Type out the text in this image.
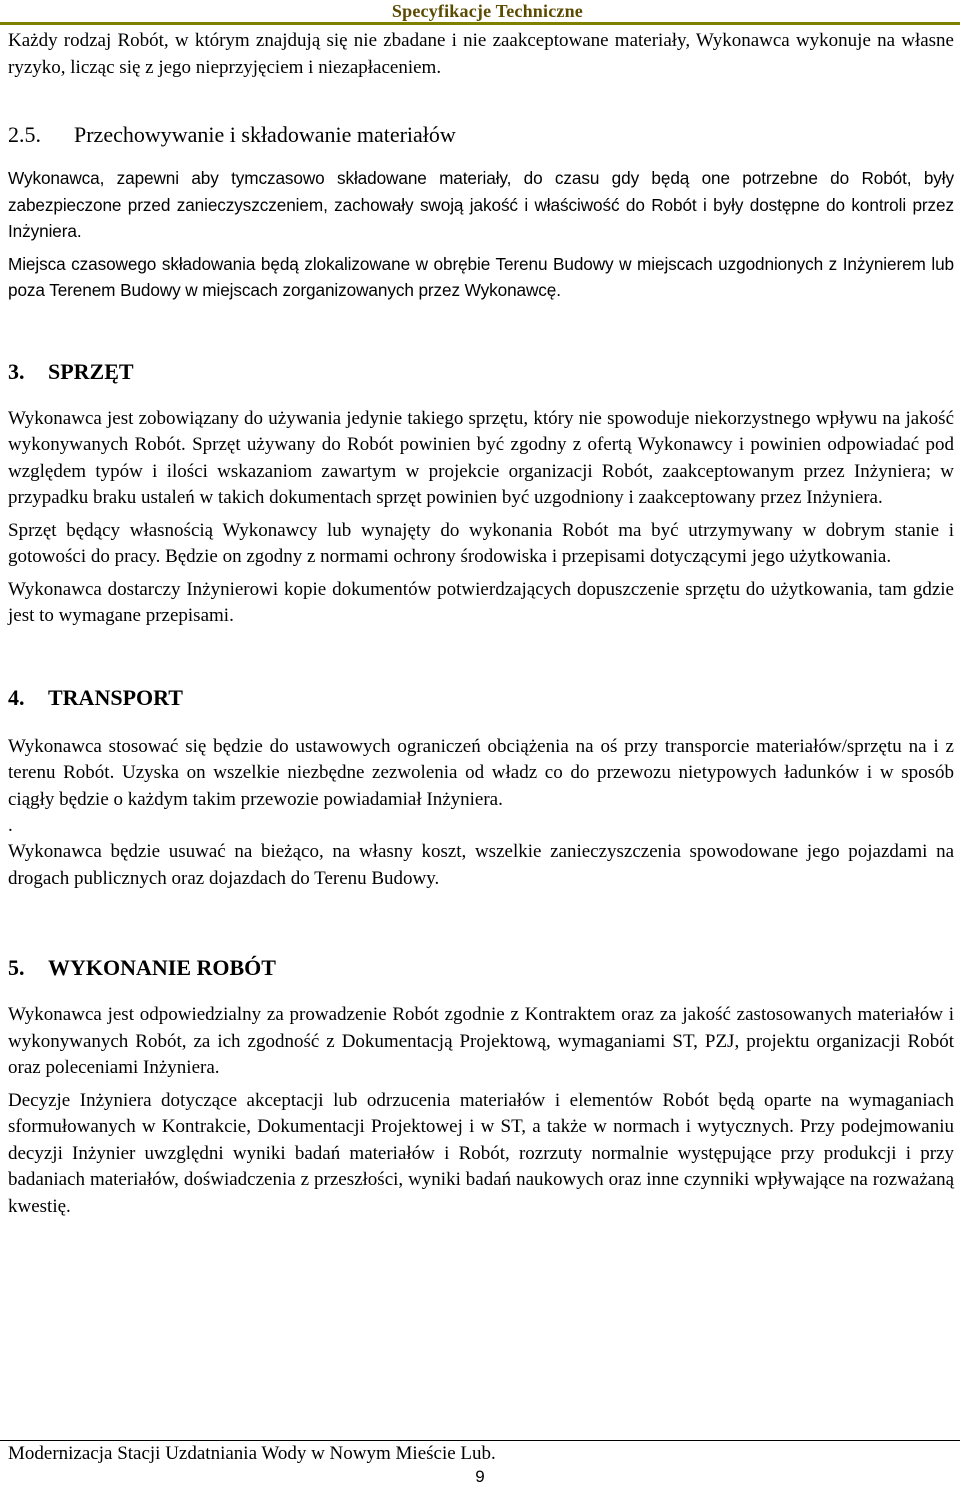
Specyfikacje Techniczne

Każdy rodzaj Robót, w którym znajdują się nie zbadane i nie zaakceptowane materiały, Wykonawca wykonuje na własne ryzyko, licząc się z jego nieprzyjęciem i niezapłaceniem.

2.5.	Przechowywanie i składowanie materiałów

Wykonawca, zapewni aby tymczasowo składowane materiały, do czasu gdy będą one potrzebne do Robót, były zabezpieczone przed zanieczyszczeniem, zachowały swoją jakość i właściwość do Robót i były dostępne do kontroli przez Inżyniera.

Miejsca czasowego składowania będą zlokalizowane w obrębie Terenu Budowy w miejscach uzgodnionych z Inżynierem lub poza Terenem Budowy w miejscach zorganizowanych przez Wykonawcę.

3.	SPRZĘT

Wykonawca jest zobowiązany do używania jedynie takiego sprzętu, który nie spowoduje niekorzystnego wpływu na jakość wykonywanych Robót. Sprzęt używany do Robót powinien być zgodny z ofertą Wykonawcy i powinien odpowiadać pod względem typów i ilości wskazaniom zawartym w projekcie organizacji Robót, zaakceptowanym przez Inżyniera; w przypadku braku ustaleń w takich dokumentach sprzęt powinien być uzgodniony i zaakceptowany przez Inżyniera.

Sprzęt będący własnością Wykonawcy lub wynajęty do wykonania Robót ma być utrzymywany w dobrym stanie i gotowości do pracy. Będzie on zgodny z normami ochrony środowiska i przepisami dotyczącymi jego użytkowania.

Wykonawca dostarczy Inżynierowi kopie dokumentów potwierdzających dopuszczenie sprzętu do użytkowania, tam gdzie jest to wymagane przepisami.

4.	TRANSPORT

Wykonawca stosować się będzie do ustawowych ograniczeń obciążenia na oś przy transporcie materiałów/sprzętu na i z terenu Robót. Uzyska on wszelkie niezbędne zezwolenia od władz co do przewozu nietypowych ładunków i w sposób ciągły będzie o każdym takim przewozie powiadamiał Inżyniera.

.

Wykonawca będzie usuwać na bieżąco, na własny koszt, wszelkie zanieczyszczenia spowodowane jego pojazdami na drogach publicznych oraz dojazdach do Terenu Budowy.

5.	WYKONANIE ROBÓT

Wykonawca jest odpowiedzialny za prowadzenie Robót zgodnie z Kontraktem oraz za jakość zastosowanych materiałów i wykonywanych Robót, za ich zgodność z Dokumentacją Projektową, wymaganiami ST, PZJ, projektu organizacji Robót oraz poleceniami Inżyniera.

Decyzje Inżyniera dotyczące akceptacji lub odrzucenia materiałów i elementów Robót będą oparte na wymaganiach sformułowanych w Kontrakcie, Dokumentacji Projektowej i w ST, a także w normach i wytycznych. Przy podejmowaniu decyzji Inżynier uwzględni wyniki badań materiałów i Robót, rozrzuty normalnie występujące przy produkcji i przy badaniach materiałów, doświadczenia z przeszłości, wyniki badań naukowych oraz inne czynniki wpływające na rozważaną kwestię.

Modernizacja Stacji Uzdatniania Wody w Nowym Mieście Lub.
9
